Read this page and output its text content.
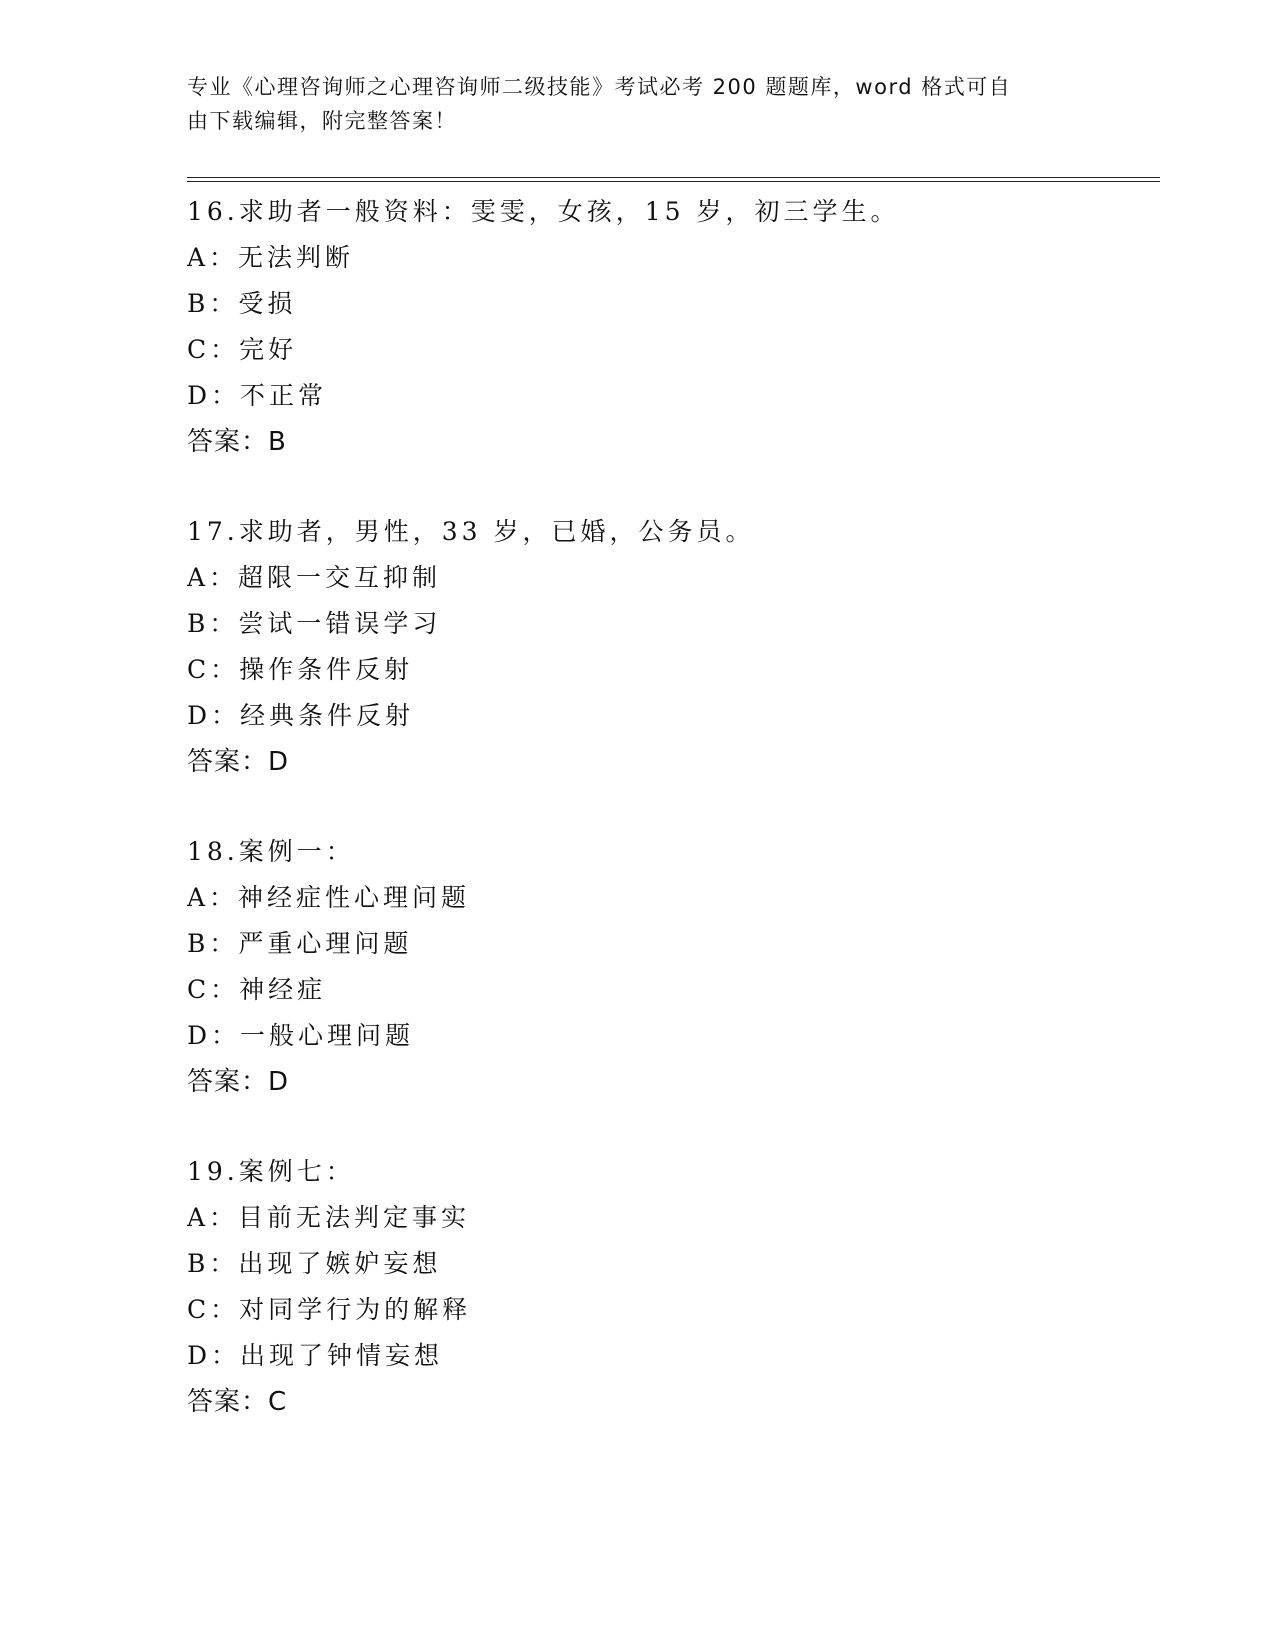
专业《心理咨询师之心理咨询师二级技能》考试必考 200 题题库，word 格式可自
由下载编辑，附完整答案！
16.求助者一般资料：雯雯，女孩，15 岁，初三学生。
A：无法判断
B：受损
C：完好
D：不正常
答案：B
17.求助者，男性，33 岁，已婚，公务员。
A：超限一交互抑制
B：尝试一错误学习
C：操作条件反射
D：经典条件反射
答案：D
18.案例一：
A：神经症性心理问题
B：严重心理问题
C：神经症
D：一般心理问题
答案：D
19.案例七：
A：目前无法判定事实
B：出现了嫉妒妄想
C：对同学行为的解释
D：出现了钟情妄想
答案：C
